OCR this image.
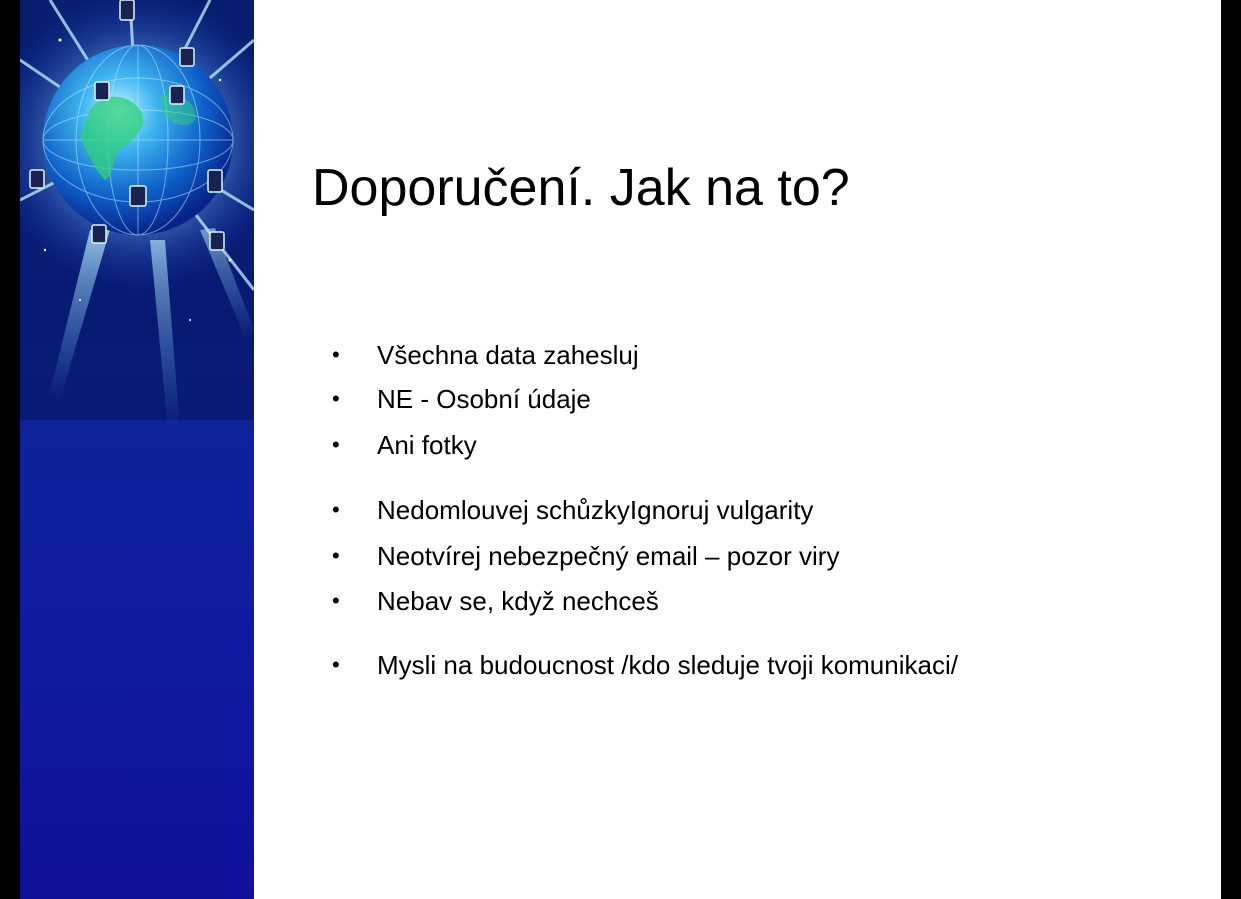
Doporučení. Jak na to?
• Všechna data zahesluj
• NE - Osobní údaje
• Ani fotky
• Nedomlouvej schůzkyIgnoruj vulgarity
• Neotvírej nebezpečný email – pozor viry
• Nebav se, když nechceš
• Mysli na budoucnost /kdo sleduje tvoji komunikaci/
